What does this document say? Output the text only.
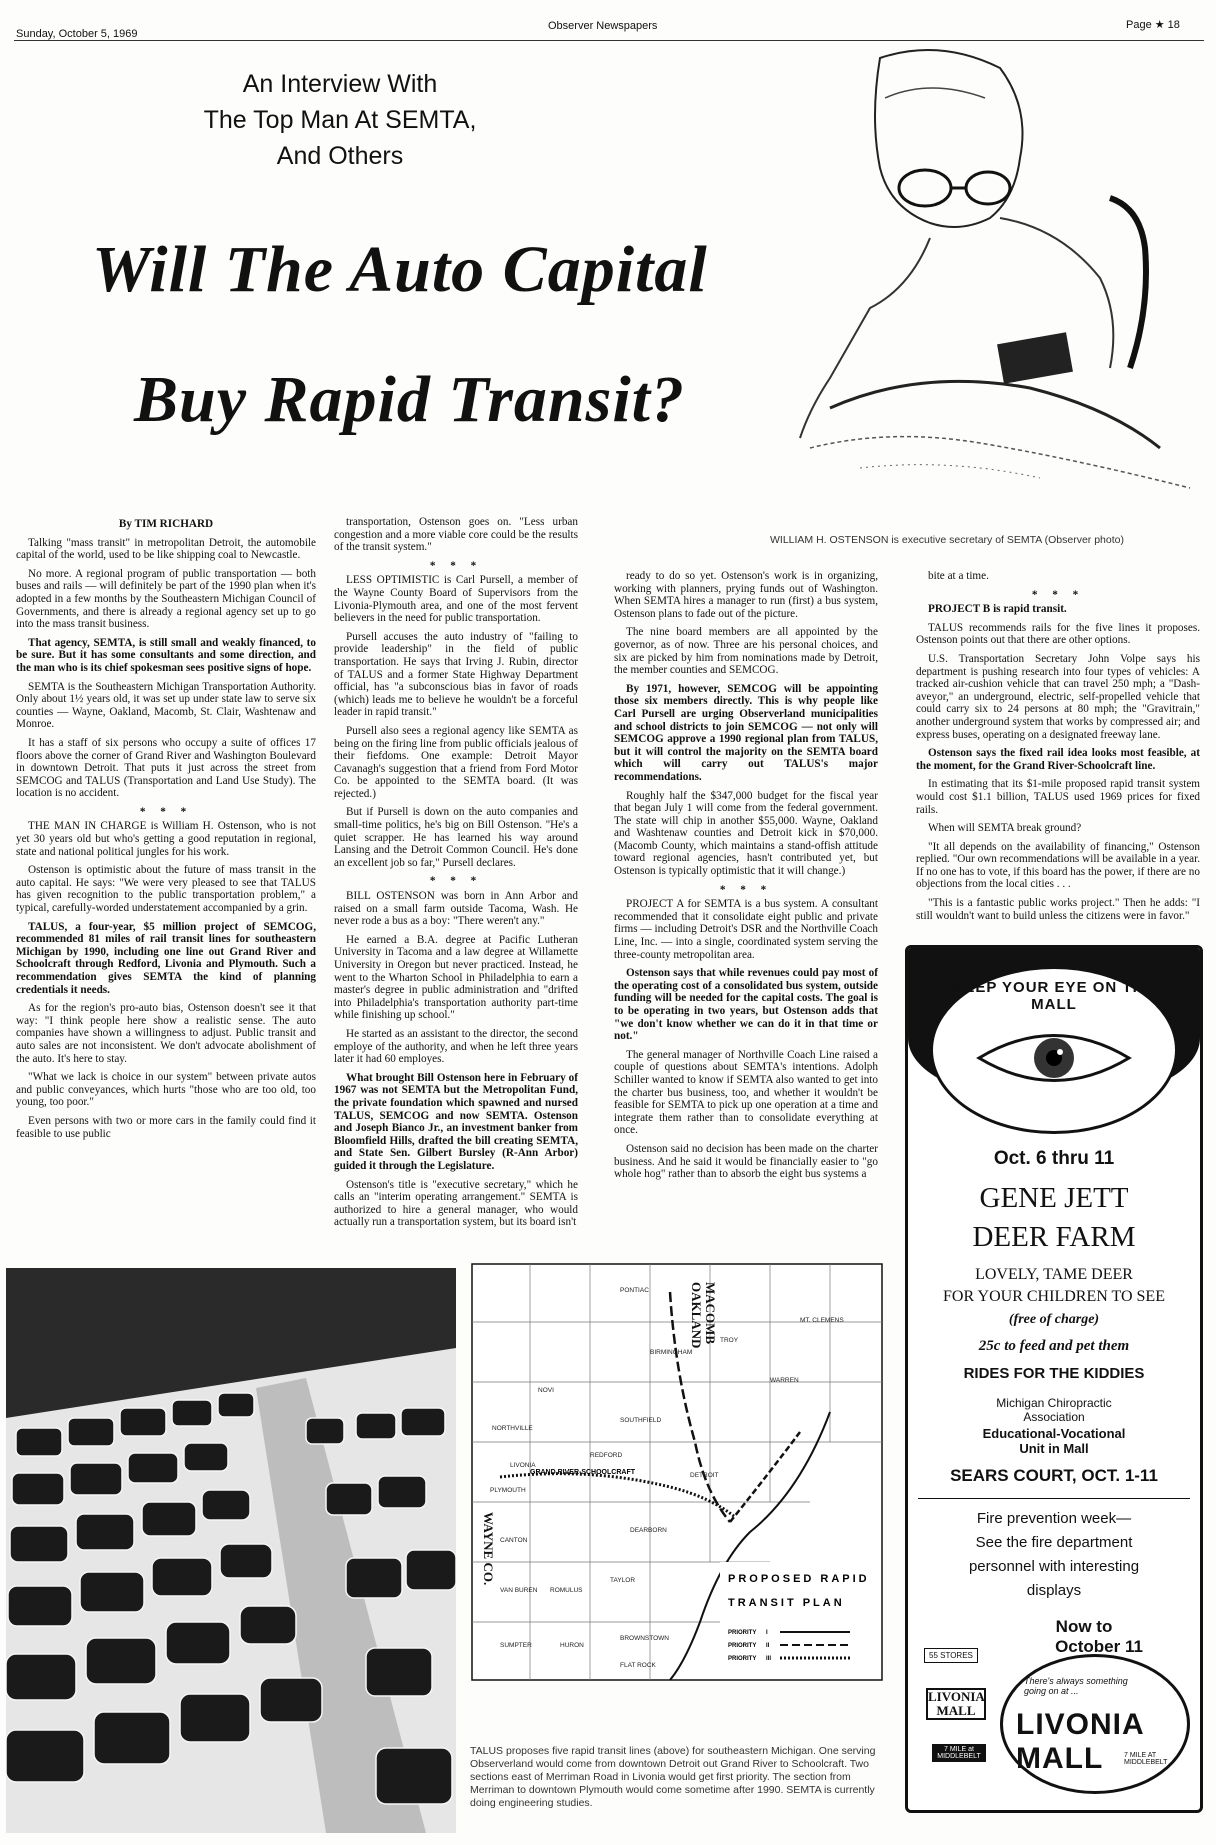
Sunday, October 5, 1969
Observer Newspapers	Page ★ 18
An Interview With
The Top Man At SEMTA,
And Others
Will The Auto Capital
Buy Rapid Transit?
WILLIAM H. OSTENSON is executive secretary of SEMTA (Observer photo)

By TIM RICHARD

Talking "mass transit" in metropolitan Detroit, the automobile capital of the world, used to be like shipping coal to Newcastle.

No more. A regional program of public transportation — both buses and rails — will definitely be part of the 1990 plan when it's adopted in a few months by the Southeastern Michigan Council of Governments, and there is already a regional agency set up to go into the mass transit business.

That agency, SEMTA, is still small and weakly financed, to be sure. But it has some consultants and some direction, and the man who is its chief spokesman sees positive signs of hope.

SEMTA is the Southeastern Michigan Transportation Authority. Only about 1½ years old, it was set up under state law to serve six counties — Wayne, Oakland, Macomb, St. Clair, Washtenaw and Monroe.

It has a staff of six persons who occupy a suite of offices 17 floors above the corner of Grand River and Washington Boulevard in downtown Detroit. That puts it just across the street from SEMCOG and TALUS (Transportation and Land Use Study). The location is no accident.

* * *

THE MAN IN CHARGE is William H. Ostenson, who is not yet 30 years old but who's getting a good reputation in regional, state and national political jungles for his work.

Ostenson is optimistic about the future of mass transit in the auto capital. He says: "We were very pleased to see that TALUS has given recognition to the public transportation problem," a typical, carefully-worded understatement accompanied by a grin.

TALUS, a four-year, $5 million project of SEMCOG, recommended 81 miles of rail transit lines for southeastern Michigan by 1990, including one line out Grand River and Schoolcraft through Redford, Livonia and Plymouth. Such a recommendation gives SEMTA the kind of planning credentials it needs.

As for the region's pro-auto bias, Ostenson doesn't see it that way: "I think people here show a realistic sense. The auto companies have shown a willingness to adjust. Public transit and auto sales are not inconsistent. We don't advocate abolishment of the auto. It's here to stay.

"What we lack is choice in our system" between private autos and public conveyances, which hurts "those who are too old, too young, too poor."

Even persons with two or more cars in the family could find it feasible to use public

transportation, Ostenson goes on. "Less urban congestion and a more viable core could be the results of the transit system."

* * *

LESS OPTIMISTIC is Carl Pursell, a member of the Wayne County Board of Supervisors from the Livonia-Plymouth area, and one of the most fervent believers in the need for public transportation.

Pursell accuses the auto industry of "failing to provide leadership" in the field of public transportation. He says that Irving J. Rubin, director of TALUS and a former State Highway Department official, has "a subconscious bias in favor of roads (which) leads me to believe he wouldn't be a forceful leader in rapid transit."

Pursell also sees a regional agency like SEMTA as being on the firing line from public officials jealous of their fiefdoms. One example: Detroit Mayor Cavanagh's suggestion that a friend from Ford Motor Co. be appointed to the SEMTA board. (It was rejected.)

But if Pursell is down on the auto companies and small-time politics, he's big on Bill Ostenson. "He's a quiet scrapper. He has learned his way around Lansing and the Detroit Common Council. He's done an excellent job so far," Pursell declares.

* * *

BILL OSTENSON was born in Ann Arbor and raised on a small farm outside Tacoma, Wash. He never rode a bus as a boy: "There weren't any."

He earned a B.A. degree at Pacific Lutheran University in Tacoma and a law degree at Willamette University in Oregon but never practiced. Instead, he went to the Wharton School in Philadelphia to earn a master's degree in public administration and "drifted into Philadelphia's transportation authority part-time while finishing up school."

He started as an assistant to the director, the second employe of the authority, and when he left three years later it had 60 employes.

What brought Bill Ostenson here in February of 1967 was not SEMTA but the Metropolitan Fund, the private foundation which spawned and nursed TALUS, SEMCOG and now SEMTA. Ostenson and Joseph Bianco Jr., an investment banker from Bloomfield Hills, drafted the bill creating SEMTA, and State Sen. Gilbert Bursley (R-Ann Arbor) guided it through the Legislature.

Ostenson's title is "executive secretary," which he calls an "interim operating arrangement." SEMTA is authorized to hire a general manager, who would actually run a transportation system, but its board isn't

ready to do so yet. Ostenson's work is in organizing, working with planners, prying funds out of Washington. When SEMTA hires a manager to run (first) a bus system, Ostenson plans to fade out of the picture.

The nine board members are all appointed by the governor, as of now. Three are his personal choices, and six are picked by him from nominations made by Detroit, the member counties and SEMCOG.

By 1971, however, SEMCOG will be appointing those six members directly. This is why people like Carl Pursell are urging Observerland municipalities and school districts to join SEMCOG — not only will SEMCOG approve a 1990 regional plan from TALUS, but it will control the majority on the SEMTA board which will carry out TALUS's major recommendations.

Roughly half the $347,000 budget for the fiscal year that began July 1 will come from the federal government. The state will chip in another $55,000. Wayne, Oakland and Washtenaw counties and Detroit kick in $70,000. (Macomb County, which maintains a stand-offish attitude toward regional agencies, hasn't contributed yet, but Ostenson is typically optimistic that it will change.)

* * *

PROJECT A for SEMTA is a bus system. A consultant recommended that it consolidate eight public and private firms — including Detroit's DSR and the Northville Coach Line, Inc. — into a single, coordinated system serving the three-county metropolitan area.

Ostenson says that while revenues could pay most of the operating cost of a consolidated bus system, outside funding will be needed for the capital costs. The goal is to be operating in two years, but Ostenson adds that "we don't know whether we can do it in that time or not."

The general manager of Northville Coach Line raised a couple of questions about SEMTA's intentions. Adolph Schiller wanted to know if SEMTA also wanted to get into the charter bus business, too, and whether it wouldn't be feasible for SEMTA to pick up one operation at a time and integrate them rather than to consolidate everything at once.

Ostenson said no decision has been made on the charter business. And he said it would be financially easier to "go whole hog" rather than to absorb the eight bus systems a

bite at a time.

* * *

PROJECT B is rapid transit.

TALUS recommends rails for the five lines it proposes. Ostenson points out that there are other options.

U.S. Transportation Secretary John Volpe says his department is pushing research into four types of vehicles: A tracked air-cushion vehicle that can travel 250 mph; a "Dash-aveyor," an underground, electric, self-propelled vehicle that could carry six to 24 persons at 80 mph; the "Gravitrain," another underground system that works by compressed air; and express buses, operating on a designated freeway lane.

Ostenson says the fixed rail idea looks most feasible, at the moment, for the Grand River-Schoolcraft line.

In estimating that its $1-mile proposed rapid transit system would cost $1.1 billion, TALUS used 1969 prices for fixed rails.

When will SEMTA break ground?

"It all depends on the availability of financing," Ostenson replied. "Our own recommendations will be available in a year. If no one has to vote, if this board has the power, if there are no objections from the local cities . . .

"This is a fantastic public works project." Then he adds: "I still wouldn't want to build unless the citizens were in favor."

PONTIAC
TROY
BIRMINGHAM
SOUTHFIELD
LIVONIA
REDFORD
DETROIT
DEARBORN
PLYMOUTH
NORTHVILLE
NOVI
ROMULUS
TAYLOR
MT. CLEMENS
WARREN
CANTON
VAN BUREN
SUMPTER	HURON
BROWNSTOWN
FLAT ROCK
OAKLAND MACOMB
WAYNE CO.
GRAND RIVER-SCHOOLCRAFT
PROPOSED RAPID
TRANSIT PLAN
PRIORITY I
PRIORITY II
PRIORITY III
TALUS proposes five rapid transit lines (above) for southeastern Michigan. One serving Observerland would come from downtown Detroit out Grand River to Schoolcraft. Two sections east of Merriman Road in Livonia would get first priority. The section from Merriman to downtown Plymouth would come sometime after 1990. SEMTA is currently doing engineering studies.
KEEP YOUR EYE ON THE MALL
Oct. 6 thru 11
GENE JETT
DEER FARM
LOVELY, TAME DEER
FOR YOUR CHILDREN TO SEE
(free of charge)
25c to feed and pet them
RIDES FOR THE KIDDIES
Michigan Chiropractic
Association
Educational-Vocational
Unit in Mall
SEARS COURT, OCT. 1-11
Fire prevention week—
See the fire department
personnel with interesting
displays
Now to
October 11
55 STORES
LIVONIA
MALL
7 MILE at MIDDLEBELT
There's always something going on at ...
LIVONIA
MALL	7 MILE AT MIDDLEBELT
